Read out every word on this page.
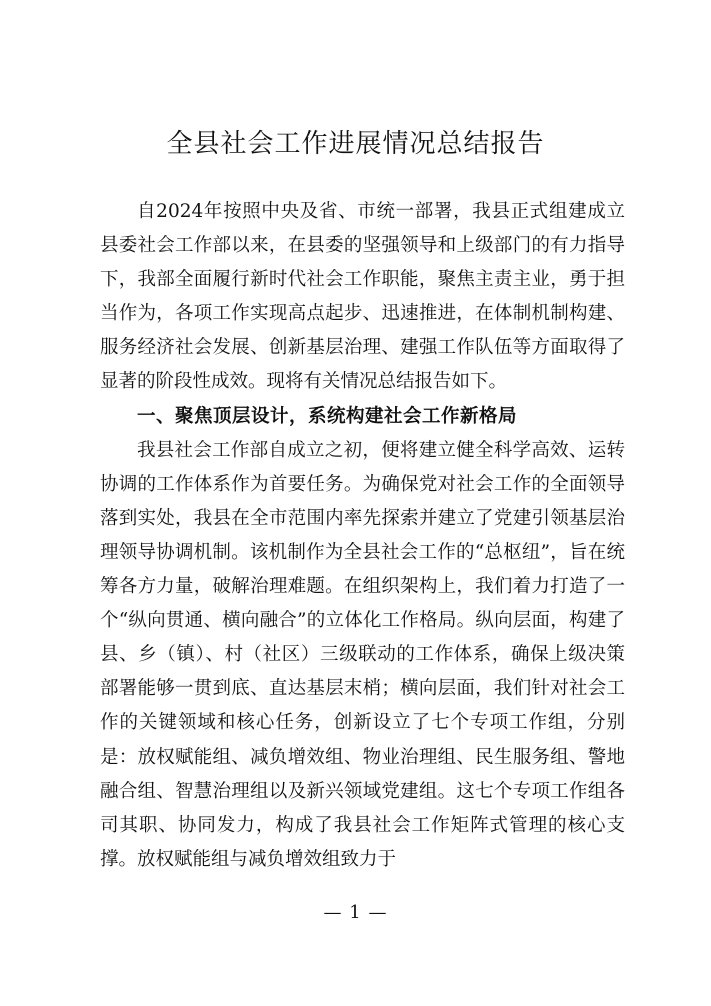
全县社会工作进展情况总结报告

自2024年按照中央及省、市统一部署，我县正式组建成立县委社会工作部以来，在县委的坚强领导和上级部门的有力指导下，我部全面履行新时代社会工作职能，聚焦主责主业，勇于担当作为，各项工作实现高点起步、迅速推进，在体制机制构建、服务经济社会发展、创新基层治理、建强工作队伍等方面取得了显著的阶段性成效。现将有关情况总结报告如下。

一、聚焦顶层设计，系统构建社会工作新格局

我县社会工作部自成立之初，便将建立健全科学高效、运转协调的工作体系作为首要任务。为确保党对社会工作的全面领导落到实处，我县在全市范围内率先探索并建立了党建引领基层治理领导协调机制。该机制作为全县社会工作的“总枢纽”，旨在统筹各方力量，破解治理难题。在组织架构上，我们着力打造了一个“纵向贯通、横向融合”的立体化工作格局。纵向层面，构建了县、乡（镇）、村（社区）三级联动的工作体系，确保上级决策部署能够一贯到底、直达基层末梢；横向层面，我们针对社会工作的关键领域和核心任务，创新设立了七个专项工作组，分别是：放权赋能组、减负增效组、物业治理组、民生服务组、警地融合组、智慧治理组以及新兴领域党建组。这七个专项工作组各司其职、协同发力，构成了我县社会工作矩阵式管理的核心支撑。放权赋能组与减负增效组致力于

— 1 —
